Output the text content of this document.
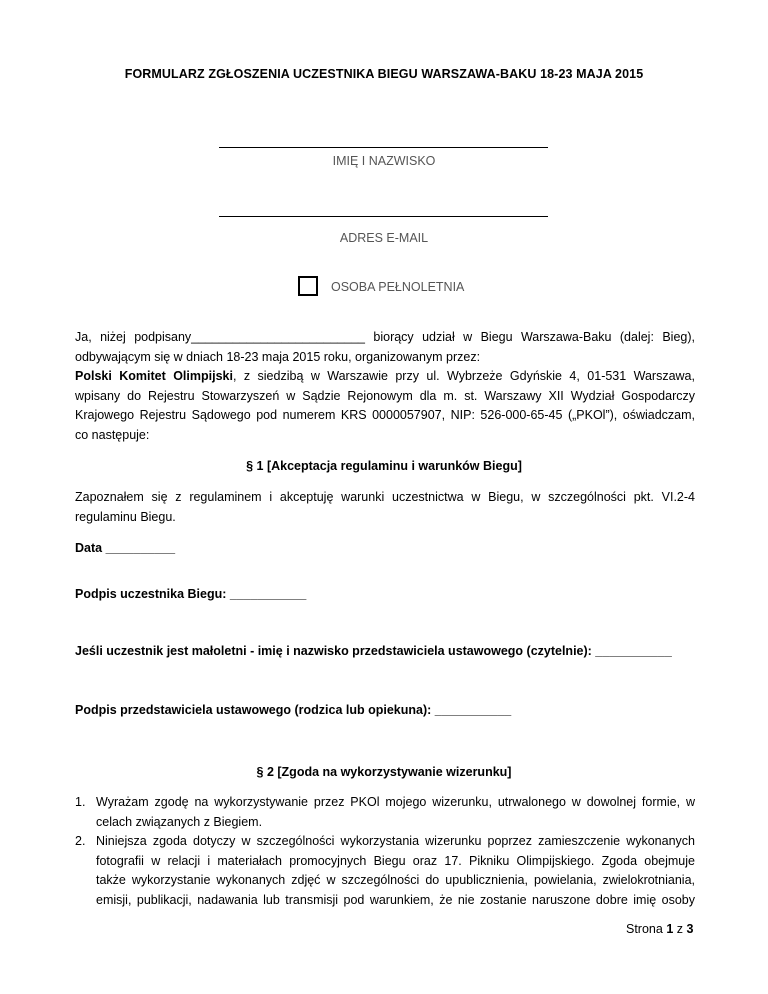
FORMULARZ ZGŁOSZENIA UCZESTNIKA BIEGU WARSZAWA-BAKU 18-23 MAJA 2015
IMIĘ I NAZWISKO
ADRES E-MAIL
OSOBA PEŁNOLETNIA
Ja, niżej podpisany_________________________ biorący udział w Biegu Warszawa-Baku (dalej: Bieg),
odbywającym się w dniach 18-23 maja 2015 roku, organizowanym przez:
Polski Komitet Olimpijski, z siedzibą w Warszawie przy ul. Wybrzeże Gdyńskie 4, 01-531 Warszawa,
wpisany do Rejestru Stowarzyszeń w Sądzie Rejonowym dla m. st. Warszawy XII Wydział Gospodarczy
Krajowego Rejestru Sądowego pod numerem KRS 0000057907, NIP: 526-000-65-45 („PKOl”), oświadczam,
co następuje:
§ 1 [Akceptacja regulaminu i warunków Biegu]
Zapoznałem się z regulaminem i akceptuję warunki uczestnictwa w Biegu, w szczególności pkt. VI.2-4
regulaminu Biegu.
Data __________
Podpis uczestnika Biegu: ___________
Jeśli uczestnik jest małoletni - imię i nazwisko przedstawiciela ustawowego (czytelnie): ___________
Podpis przedstawiciela ustawowego (rodzica lub opiekuna): ___________
§ 2 [Zgoda na wykorzystywanie wizerunku]
1. Wyrażam zgodę na wykorzystywanie przez PKOl mojego wizerunku, utrwalonego w dowolnej formie, w
celach związanych z Biegiem.
2. Niniejsza zgoda dotyczy w szczególności wykorzystania wizerunku poprzez zamieszczenie wykonanych
fotografii w relacji i materiałach promocyjnych Biegu oraz 17. Pikniku Olimpijskiego. Zgoda obejmuje
także wykorzystanie wykonanych zdjęć w szczególności do upublicznienia, powielania, zwielokrotniania,
emisji, publikacji, nadawania lub transmisji pod warunkiem, że nie zostanie naruszone dobre imię osoby
Strona 1 z 3
